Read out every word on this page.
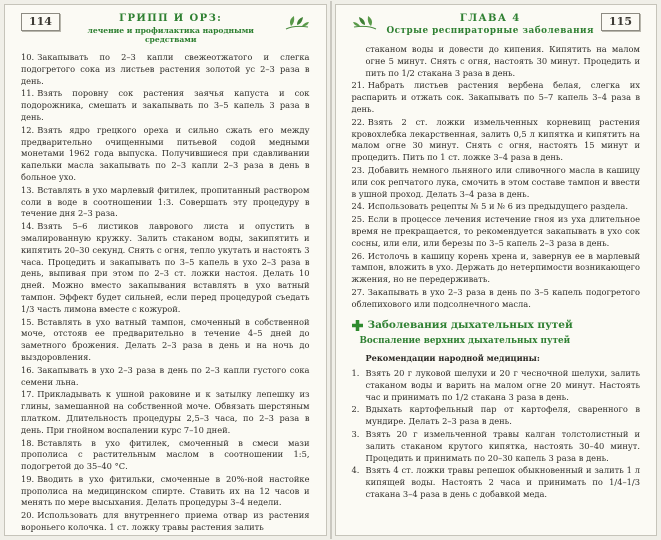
114	ГРИПП И ОРЗ:
лечение и профилактика народными средствами

10. Закапывать по 2–3 капли свежеотжатого и слегка подогретого сока из листьев растения золотой ус 2–3 раза в день.

11. Взять поровну сок растения заячья капуста и сок подорожника, смешать и закапывать по 3–5 капель 3 раза в день.

12. Взять ядро грецкого ореха и сильно сжать его между предварительно очищенными питьевой содой медными монетами 1962 года выпуска. Получившиеся при сдавливании капельки масла закапывать по 2–3 капли 2–3 раза в день в больное ухо.

13. Вставлять в ухо марлевый фитилек, пропитанный раствором соли в воде в соотношении 1:3. Совершать эту процедуру в течение дня 2–3 раза.

14. Взять 5–6 листиков лаврового листа и опустить в эмалированную кружку. Залить стаканом воды, закипятить и кипятить 20–30 секунд. Снять с огня, тепло укутать и настоять 3 часа. Процедить и закапывать по 3–5 капель в ухо 2–3 раза в день, выпивая при этом по 2–3 ст. ложки настоя. Делать 10 дней. Можно вместо закапывания вставлять в ухо ватный тампон. Эффект будет сильней, если перед процедурой съедать 1/3 часть лимона вместе с кожурой.

15. Вставлять в ухо ватный тампон, смоченный в собственной моче, отстояв ее предварительно в течение 4–5 дней до заметного брожения. Делать 2–3 раза в день и на ночь до выздоровления.

16. Закапывать в ухо 2–3 раза в день по 2–3 капли густого сока семени льна.

17. Прикладывать к ушной раковине и к затылку лепешку из глины, замешанной на собственной моче. Обвязать шерстяным платком. Длительность процедуры 2,5–3 часа, по 2–3 раза в день. При гнойном воспалении курс 7–10 дней.

18. Вставлять в ухо фитилек, смоченный в смеси мази прополиса с растительным маслом в соотношении 1:5, подогретой до 35–40 °С.

19. Вводить в ухо фитильки, смоченные в 20%-ной настойке прополиса на медицинском спирте. Ставить их на 12 часов и менять по мере высыхания. Делать процедуры 3–4 недели.

20. Использовать для внутреннего приема отвар из растения вороньего колочка. 1 ст. ложку травы растения залить

ГЛАВА 4
Острые респираторные заболевания
115

стаканом воды и довести до кипения. Кипятить на малом огне 5 минут. Снять с огня, настоять 30 минут. Процедить и пить по 1/2 стакана 3 раза в день.

21. Набрать листьев растения вербена белая, слегка их распарить и отжать сок. Закапывать по 5–7 капель 3–4 раза в день.

22. Взять 2 ст. ложки измельченных корневищ растения кровохлебка лекарственная, залить 0,5 л кипятка и кипятить на малом огне 30 минут. Снять с огня, настоять 15 минут и процедить. Пить по 1 ст. ложке 3–4 раза в день.

23. Добавить немного льняного или сливочного масла в кашицу или сок репчатого лука, смочить в этом составе тампон и ввести в ушной проход. Делать 3–4 раза в день.

24. Использовать рецепты № 5 и № 6 из предыдущего раздела.

25. Если в процессе лечения истечение гноя из уха длительное время не прекращается, то рекомендуется закапывать в ухо сок сосны, или ели, или березы по 3–5 капель 2–3 раза в день.

26. Истолочь в кашицу корень хрена и, завернув ее в марлевый тампон, вложить в ухо. Держать до нетерпимости возникающего жжения, но не передерживать.

27. Закапывать в ухо 2–3 раза в день по 3–5 капель подогретого облепихового или подсолнечного масла.

Заболевания дыхательных путей
Воспаление верхних дыхательных путей
Рекомендации народной медицины:

1. Взять 20 г луковой шелухи и 20 г чесночной шелухи, залить стаканом воды и варить на малом огне 20 минут. Настоять час и принимать по 1/2 стакана 3 раза в день.

2. Вдыхать картофельный пар от картофеля, сваренного в мундире. Делать 2–3 раза в день.

3. Взять 20 г измельченной травы калган толстолистный и залить стаканом крутого кипятка, настоять 30–40 минут. Процедить и принимать по 20–30 капель 3 раза в день.

4. Взять 4 ст. ложки травы репешок обыкновенный и залить 1 л кипящей воды. Настоять 2 часа и принимать по 1/4–1/3 стакана 3–4 раза в день с добавкой меда.
